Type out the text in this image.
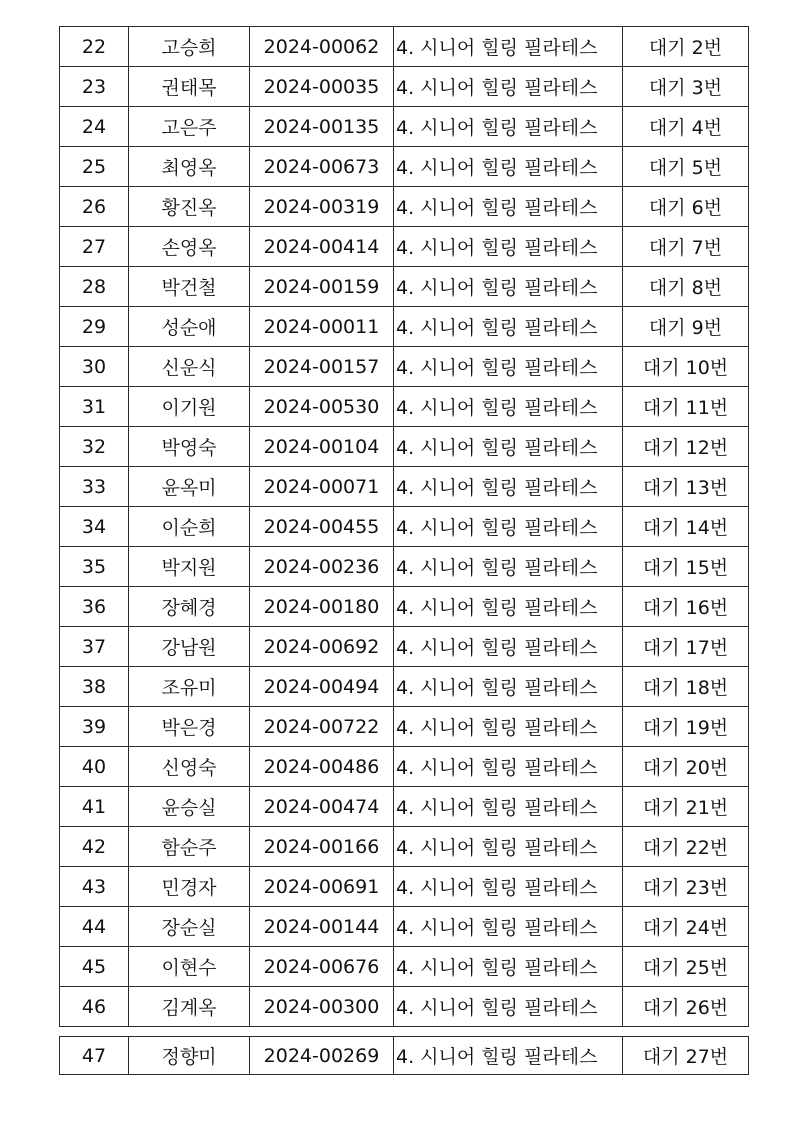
22	고승희	2024-00062	4. 시니어 힐링 필라테스	대기 2번
23	권태목	2024-00035	4. 시니어 힐링 필라테스	대기 3번
24	고은주	2024-00135	4. 시니어 힐링 필라테스	대기 4번
25	최영옥	2024-00673	4. 시니어 힐링 필라테스	대기 5번
26	황진옥	2024-00319	4. 시니어 힐링 필라테스	대기 6번
27	손영옥	2024-00414	4. 시니어 힐링 필라테스	대기 7번
28	박건철	2024-00159	4. 시니어 힐링 필라테스	대기 8번
29	성순애	2024-00011	4. 시니어 힐링 필라테스	대기 9번
30	신운식	2024-00157	4. 시니어 힐링 필라테스	대기 10번
31	이기원	2024-00530	4. 시니어 힐링 필라테스	대기 11번
32	박영숙	2024-00104	4. 시니어 힐링 필라테스	대기 12번
33	윤옥미	2024-00071	4. 시니어 힐링 필라테스	대기 13번
34	이순희	2024-00455	4. 시니어 힐링 필라테스	대기 14번
35	박지원	2024-00236	4. 시니어 힐링 필라테스	대기 15번
36	장혜경	2024-00180	4. 시니어 힐링 필라테스	대기 16번
37	강남원	2024-00692	4. 시니어 힐링 필라테스	대기 17번
38	조유미	2024-00494	4. 시니어 힐링 필라테스	대기 18번
39	박은경	2024-00722	4. 시니어 힐링 필라테스	대기 19번
40	신영숙	2024-00486	4. 시니어 힐링 필라테스	대기 20번
41	윤승실	2024-00474	4. 시니어 힐링 필라테스	대기 21번
42	함순주	2024-00166	4. 시니어 힐링 필라테스	대기 22번
43	민경자	2024-00691	4. 시니어 힐링 필라테스	대기 23번
44	장순실	2024-00144	4. 시니어 힐링 필라테스	대기 24번
45	이현수	2024-00676	4. 시니어 힐링 필라테스	대기 25번
46	김계옥	2024-00300	4. 시니어 힐링 필라테스	대기 26번
47	정향미	2024-00269	4. 시니어 힐링 필라테스	대기 27번
